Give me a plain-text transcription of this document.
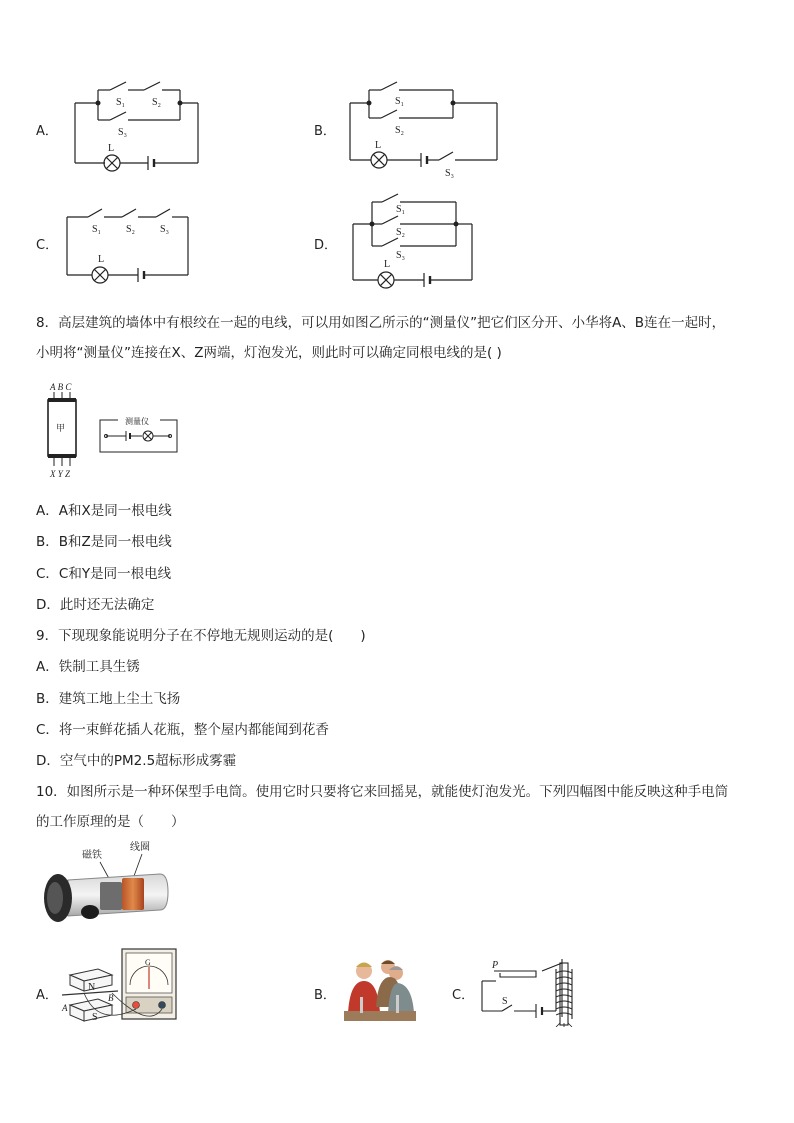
A．
S₁	S₂
S₃
L
B．
S₁
S₂
S₃
L
C．
S₁ S₂ S₃
L
D．
S₁
S₂
S₃
L
8．高层建筑的墙体中有根绞在一起的电线，可以用如图乙所示的“测量仪”把它们区分开、小华将A、B连在一起时，
小明将“测量仪”连接在X、Z两端，灯泡发光，则此时可以确定同根电线的是( )
A B C
甲
X Y Z
测量仪
A．A和X是同一根电线
B．B和Z是同一根电线
C．C和Y是同一根电线
D．此时还无法确定
9．下现现象能说明分子在不停地无规则运动的是(　　)
A．铁制工具生锈
B．建筑工地上尘土飞扬
C．将一束鲜花插人花瓶，整个屋内都能闻到花香
D．空气中的PM2.5超标形成雾霾
10．如图所示是一种环保型手电筒。使用它时只要将它来回摇晃，就能使灯泡发光。下列四幅图中能反映这种手电筒
的工作原理的是（　　）
磁铁
线圈
A．
N
S
A
B
G
B．	C．
P
S
